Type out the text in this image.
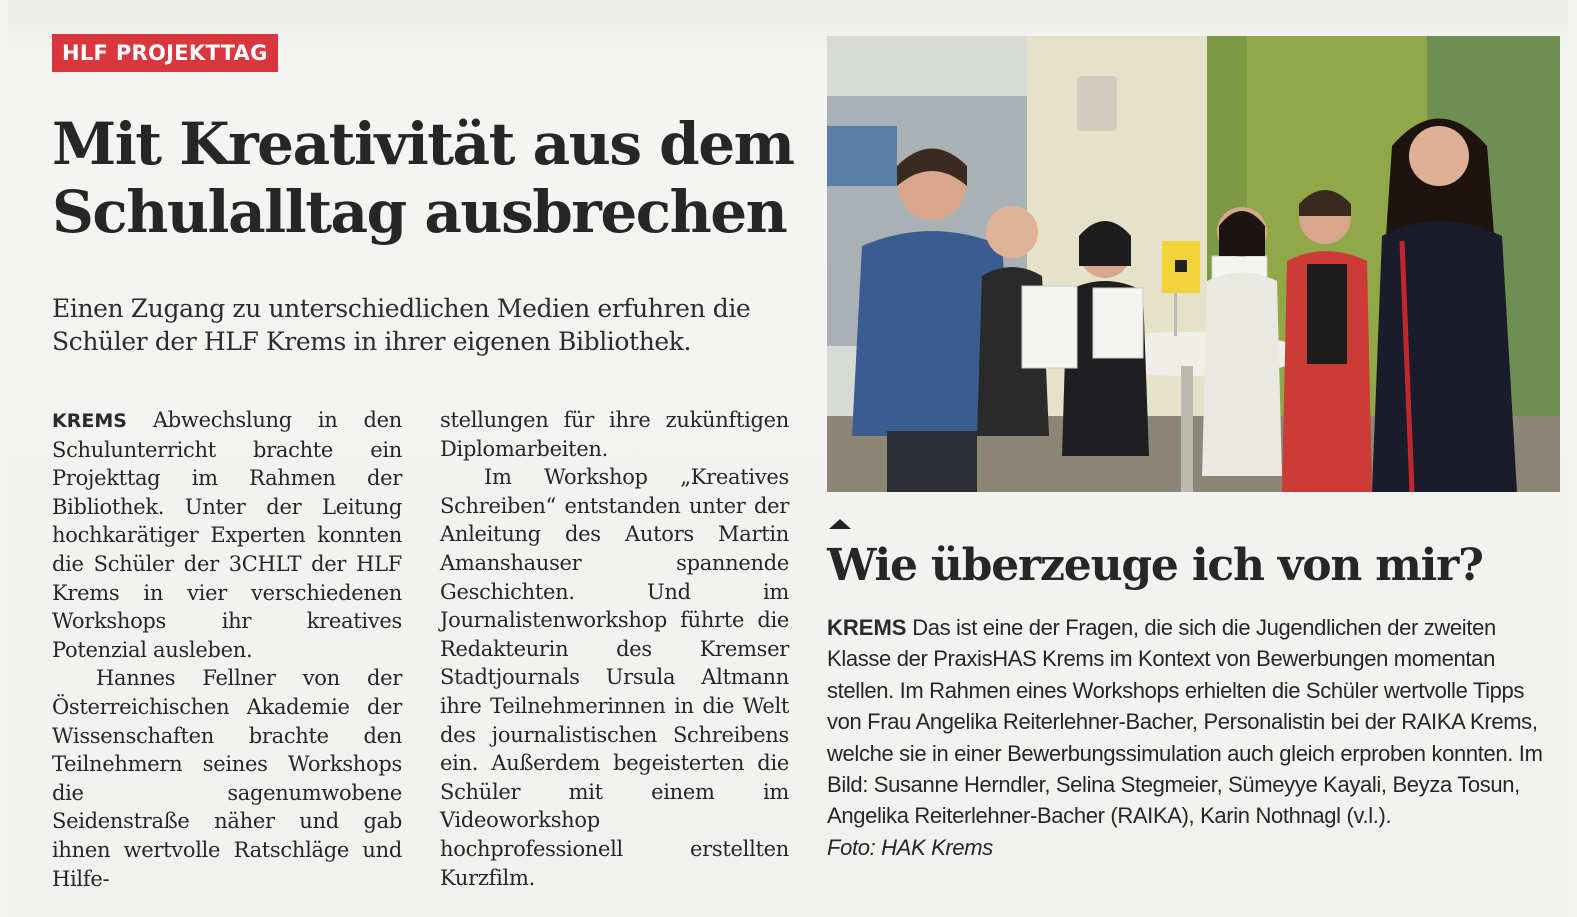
HLF PROJEKTTAG
Mit Kreativität aus dem Schulalltag ausbrechen

Einen Zugang zu unterschiedlichen Medien erfuhren die Schüler der HLF Krems in ihrer eigenen Bibliothek.

KREMS Abwechslung in den Schulunterricht brachte ein Projekttag im Rahmen der Bibliothek. Unter der Leitung hochkarätiger Experten konnten die Schüler der 3CHLT der HLF Krems in vier verschiedenen Workshops ihr kreatives Potenzial ausleben.

Hannes Fellner von der Österreichischen Akademie der Wissenschaften brachte den Teilnehmern seines Workshops die sagenumwobene Seidenstraße näher und gab ihnen wertvolle Ratschläge und Hilfe-

stellungen für ihre zukünftigen Diplomarbeiten.

Im Workshop „Kreatives Schreiben“ entstanden unter der Anleitung des Autors Martin Amanshauser spannende Geschichten. Und im Journalistenworkshop führte die Redakteurin des Kremser Stadtjournals Ursula Altmann ihre Teilnehmerinnen in die Welt des journalistischen Schreibens ein. Außerdem begeisterten die Schüler mit einem im Videoworkshop hochprofessionell erstellten Kurzfilm.

Wie überzeuge ich von mir?

KREMS Das ist eine der Fragen, die sich die Jugendlichen der zweiten Klasse der PraxisHAS Krems im Kontext von Bewerbungen momentan stellen. Im Rahmen eines Workshops erhielten die Schüler wertvolle Tipps von Frau Angelika Reiterlehner-Bacher, Personalistin bei der RAIKA Krems, welche sie in einer Bewerbungssimulation auch gleich erproben konnten. Im Bild: Susanne Herndler, Selina Stegmeier, Sümeyye Kayali, Beyza Tosun, Angelika Reiterlehner-Bacher (RAIKA), Karin Nothnagl (v.l.).
Foto: HAK Krems
